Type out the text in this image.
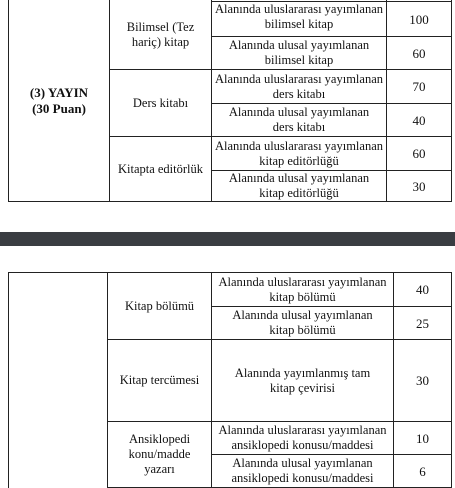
(3) YAYIN
(30 Puan)
Bilimsel (Tez
hariç) kitap
Ders kitabı
Kitapta editörlük
Alanında uluslararası yayımlanan
bilimsel kitap
Alanında ulusal yayımlanan
bilimsel kitap
Alanında uluslararası yayımlanan
ders kitabı
Alanında ulusal yayımlanan
ders kitabı
Alanında uluslararası yayımlanan
kitap editörlüğü
Alanında ulusal yayımlanan
kitap editörlüğü
100
60
70
40
60
30
Kitap bölümü
Kitap tercümesi
Ansiklopedi
konu/madde
yazarı
Alanında uluslararası yayımlanan
kitap bölümü
Alanında ulusal yayımlanan
kitap bölümü
Alanında yayımlanmış tam
kitap çevirisi
Alanında uluslararası yayımlanan
ansiklopedi konusu/maddesi
Alanında ulusal yayımlanan
ansiklopedi konusu/maddesi
40
25
30
10
6
